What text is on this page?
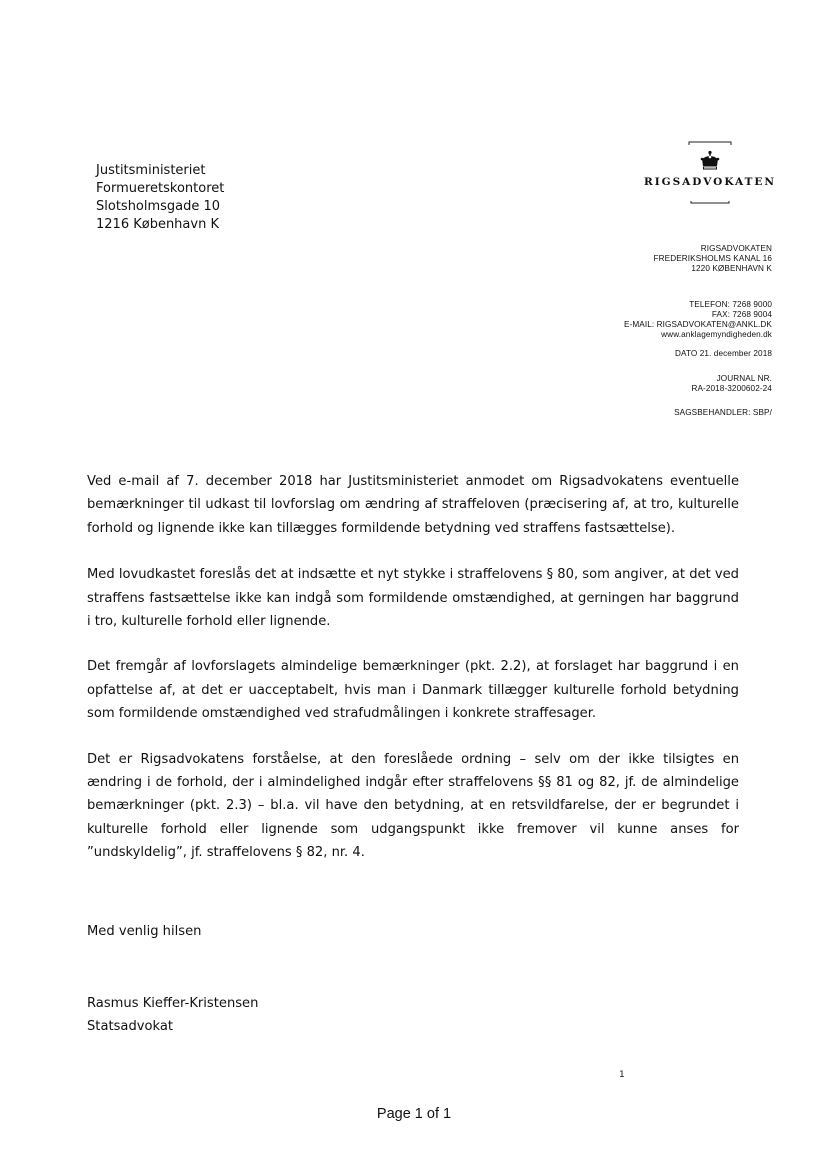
Justitsministeriet
Formueretskontoret
Slotsholmsgade 10
1216 København K
RIGSADVOKATEN
RIGSADVOKATEN
FREDERIKSHOLMS KANAL 16
1220 KØBENHAVN K
TELEFON: 7268 9000
FAX: 7268 9004
E-MAIL: RIGSADVOKATEN@ANKL.DK
www.anklagemyndigheden.dk
DATO 21. december 2018
JOURNAL NR.
RA-2018-3200602-24
SAGSBEHANDLER: SBP/

Ved e-mail af 7. december 2018 har Justitsministeriet anmodet om Rigsadvokatens eventuelle bemærkninger til udkast til lovforslag om ændring af straffeloven (præcisering af, at tro, kulturelle forhold og lignende ikke kan tillægges formildende betydning ved straffens fastsættelse).

Med lovudkastet foreslås det at indsætte et nyt stykke i straffelovens § 80, som angiver, at det ved straffens fastsættelse ikke kan indgå som formildende omstændighed, at gerningen har baggrund i tro, kulturelle forhold eller lignende.

Det fremgår af lovforslagets almindelige bemærkninger (pkt. 2.2), at forslaget har baggrund i en opfattelse af, at det er uacceptabelt, hvis man i Danmark tillægger kulturelle forhold betydning som formildende omstændighed ved strafudmålingen i konkrete straffesager.

Det er Rigsadvokatens forståelse, at den foreslåede ordning – selv om der ikke tilsigtes en ændring i de forhold, der i almindelighed indgår efter straffelovens §§ 81 og 82, jf. de almindelige bemærkninger (pkt. 2.3) – bl.a. vil have den betydning, at en retsvildfarelse, der er begrundet i kulturelle forhold eller lignende som udgangspunkt ikke fremover vil kunne anses for ”undskyldelig”, jf. straffelovens § 82, nr. 4.

Med venlig hilsen
Rasmus Kieffer-Kristensen
Statsadvokat
1
Page 1 of 1
